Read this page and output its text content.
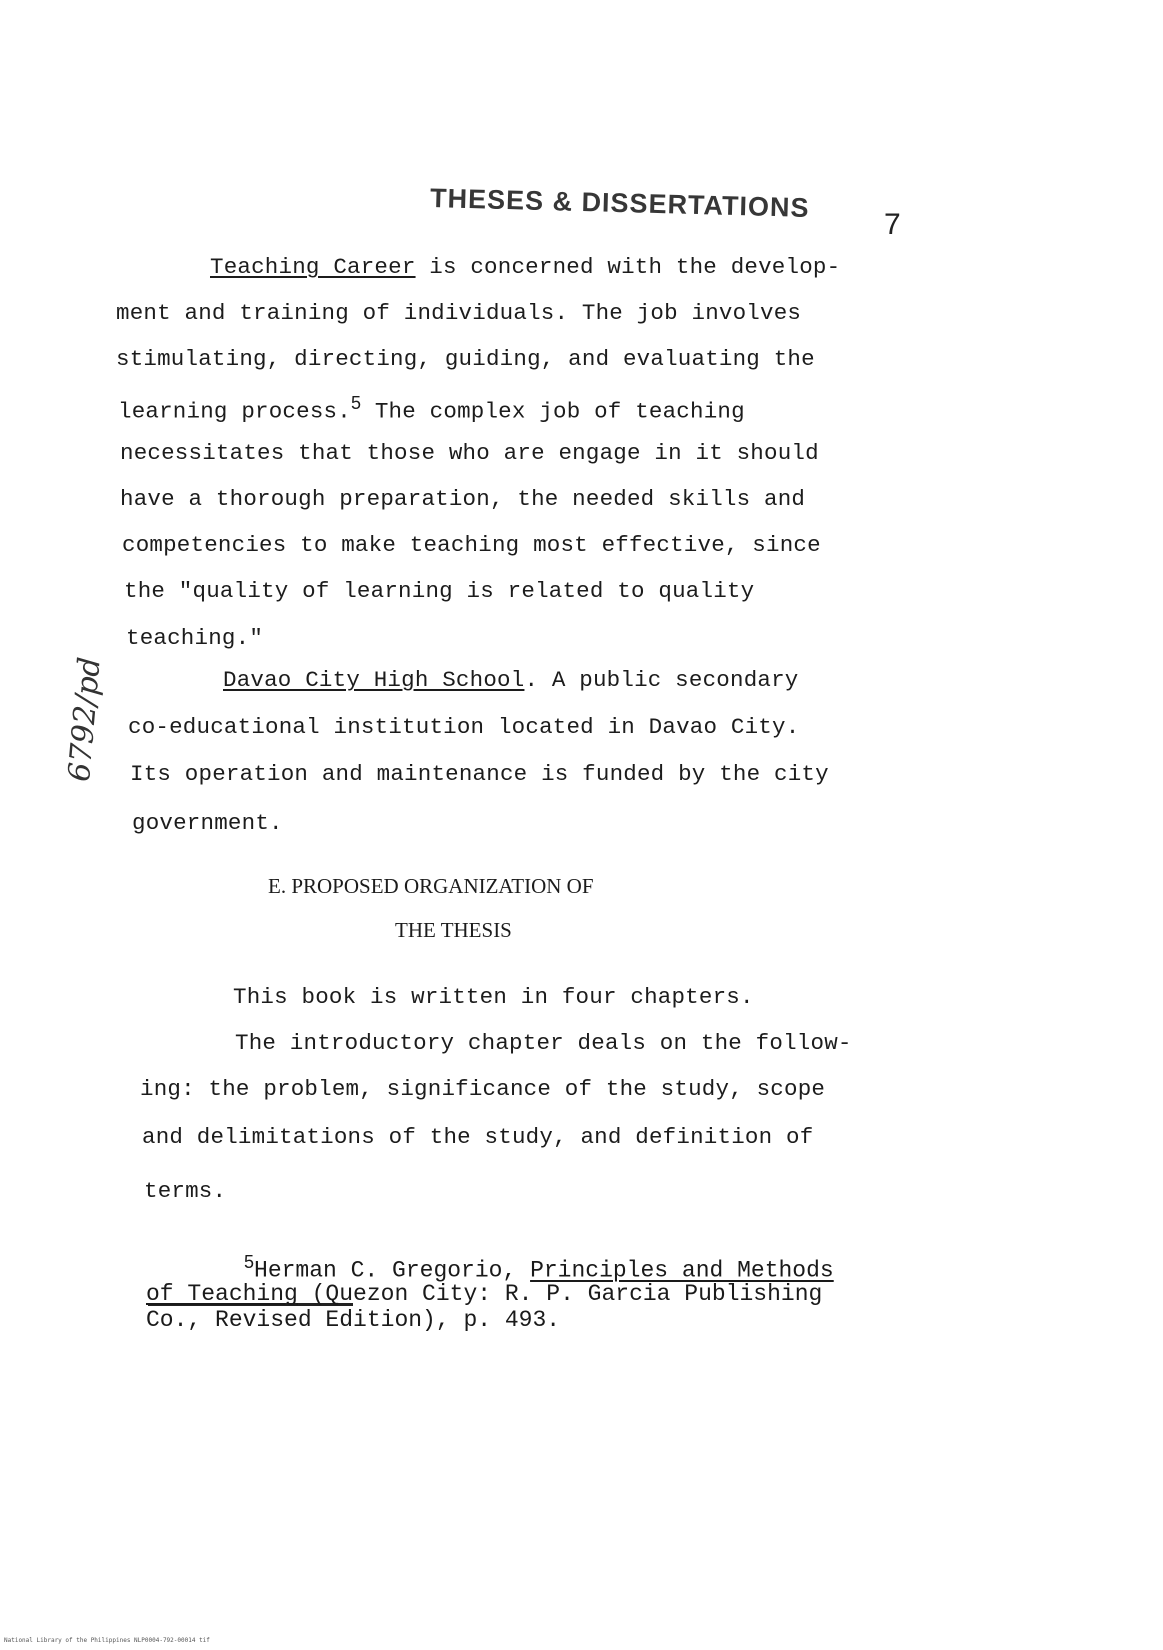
THESES & DISSERTATIONS
7
Teaching Career is concerned with the develop-
ment and training of individuals. The job involves
stimulating, directing, guiding, and evaluating the
learning process.$^5$ The complex job of teaching
necessitates that those who are engage in it should
have a thorough preparation, the needed skills and
competencies to make teaching most effective, since
the "quality of learning is related to quality
teaching."
Davao City High School. A public secondary
co-educational institution located in Davao City.
Its operation and maintenance is funded by the city
government.
E. PROPOSED ORGANIZATION OF
THE THESIS
This book is written in four chapters.
The introductory chapter deals on the follow-
ing: the problem, significance of the study, scope
and delimitations of the study, and definition of
terms.
$^5$Herman C. Gregorio, Principles and Methods
of Teaching (Quezon City: R. P. Garcia Publishing
Co., Revised Edition), p. 493.
6792/pd
National Library of the Philippines NLP0004-792-00014 tif
